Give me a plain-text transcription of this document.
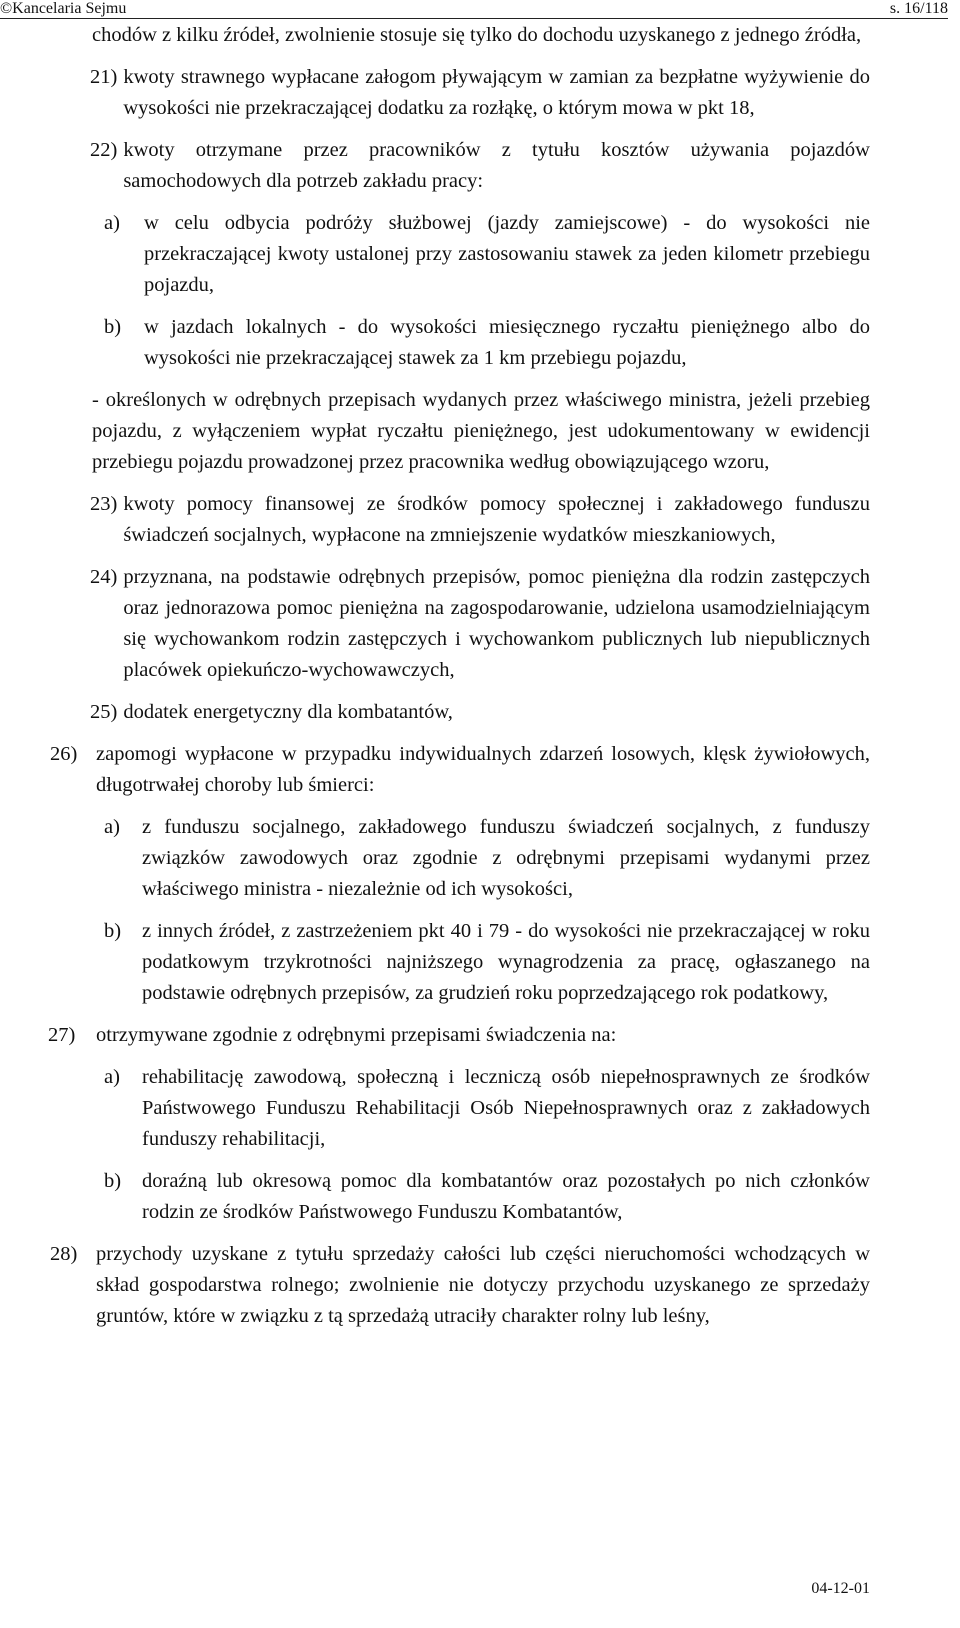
©Kancelaria Sejmu	s. 16/118
chodów z kilku źródeł, zwolnienie stosuje się tylko do dochodu uzyskanego z jednego źródła,
21) kwoty strawnego wypłacane załogom pływającym w zamian za bezpłatne wyżywienie do wysokości nie przekraczającej dodatku za rozłąkę, o którym mowa w pkt 18,
22) kwoty otrzymane przez pracowników z tytułu kosztów używania pojazdów samochodowych dla potrzeb zakładu pracy:
a)	w celu odbycia podróży służbowej (jazdy zamiejscowe) - do wysokości nie przekraczającej kwoty ustalonej przy zastosowaniu stawek za jeden kilometr przebiegu pojazdu,
b)	w jazdach lokalnych - do wysokości miesięcznego ryczałtu pieniężnego albo do wysokości nie przekraczającej stawek za 1 km przebiegu pojazdu,
- określonych w odrębnych przepisach wydanych przez właściwego ministra, jeżeli przebieg pojazdu, z wyłączeniem wypłat ryczałtu pieniężnego, jest udokumentowany w ewidencji przebiegu pojazdu prowadzonej przez pracownika według obowiązującego wzoru,
23) kwoty pomocy finansowej ze środków pomocy społecznej i zakładowego funduszu świadczeń socjalnych, wypłacone na zmniejszenie wydatków mieszkaniowych,
24) przyznana, na podstawie odrębnych przepisów, pomoc pieniężna dla rodzin zastępczych oraz jednorazowa pomoc pieniężna na zagospodarowanie, udzielona usamodzielniającym się wychowankom rodzin zastępczych i wychowankom publicznych lub niepublicznych placówek opiekuńczo-wychowawczych,
25) dodatek energetyczny dla kombatantów,
26) zapomogi wypłacone w przypadku indywidualnych zdarzeń losowych, klęsk żywiołowych, długotrwałej choroby lub śmierci:
a)	z funduszu socjalnego, zakładowego funduszu świadczeń socjalnych, z funduszy związków zawodowych oraz zgodnie z odrębnymi przepisami wydanymi przez właściwego ministra - niezależnie od ich wysokości,
b)	z innych źródeł, z zastrzeżeniem pkt 40 i 79 - do wysokości nie przekraczającej w roku podatkowym trzykrotności najniższego wynagrodzenia za pracę, ogłaszanego na podstawie odrębnych przepisów, za grudzień roku poprzedzającego rok podatkowy,
27)	otrzymywane zgodnie z odrębnymi przepisami świadczenia na:
a)	rehabilitację zawodową, społeczną i leczniczą osób niepełnosprawnych ze środków Państwowego Funduszu Rehabilitacji Osób Niepełnosprawnych oraz z zakładowych funduszy rehabilitacji,
b)	doraźną lub okresową pomoc dla kombatantów oraz pozostałych po nich członków rodzin ze środków Państwowego Funduszu Kombatantów,
28) przychody uzyskane z tytułu sprzedaży całości lub części nieruchomości wchodzących w skład gospodarstwa rolnego; zwolnienie nie dotyczy przychodu uzyskanego ze sprzedaży gruntów, które w związku z tą sprzedażą utraciły charakter rolny lub leśny,
04-12-01
